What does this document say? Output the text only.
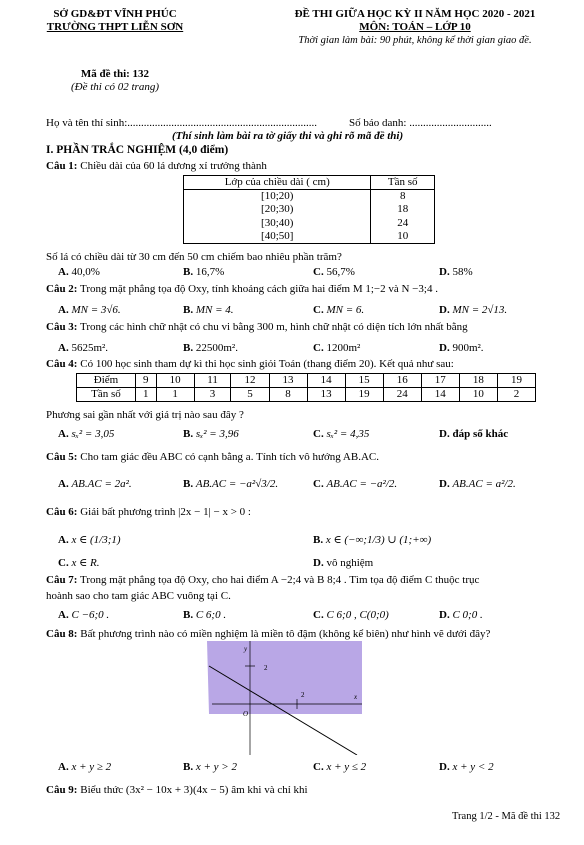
SỞ GD&ĐT VĨNH PHÚC
TRƯỜNG THPT LIỄN SƠN
ĐỀ THI GIỮA HỌC KỲ II NĂM HỌC 2020 - 2021
MÔN: TOÁN – LỚP 10
Thời gian làm bài: 90 phút, không kể thời gian giao đề.
Mã đề thi: 132
(Đề thi có 02 trang)
Họ và tên thí sinh:.....................................................................	Số báo danh: ..............................
(Thí sinh làm bài ra tờ giấy thi và ghi rõ mã đề thi)
I. PHẦN TRẮC NGHIỆM (4,0 điểm)
Câu 1: Chiều dài của 60 lá dương xỉ trưởng thành
Lớp của chiều dài ( cm)	Tần số
[10;20)	8
[20;30)	18
[30;40)	24
[40;50]	10
Số lá có chiều dài từ 30 cm đến 50 cm chiếm bao nhiêu phần trăm?
A. 40,0%	B. 16,7%	C. 56,7%	D. 58%
Câu 2: Trong mặt phẳng tọa độ Oxy, tính khoảng cách giữa hai điểm M 1;−2 và N −3;4 .
A. MN = 3√6.	B. MN = 4.	C. MN = 6.	D. MN = 2√13.
Câu 3: Trong các hình chữ nhật có chu vi bằng 300 m, hình chữ nhật có diện tích lớn nhất bằng
A. 5625m².	B. 22500m².	C. 1200m²	D. 900m².
Câu 4: Có 100 học sinh tham dự kì thi học sinh giỏi Toán (thang điểm 20). Kết quả như sau:
Điểm	9	10	11	12	13	14	15	16	17	18	19
Tần số	1	1	3	5	8	13	19	24	14	10	2
Phương sai gần nhất với giá trị nào sau đây ?
A. sₓ² = 3,05	B. sₓ² = 3,96	C. sₓ² = 4,35	D. đáp số khác
Câu 5: Cho tam giác đều ABC có cạnh bằng a. Tính tích vô hướng AB.AC.
A. AB.AC = 2a².	B. AB.AC = −a²√3/2.	C. AB.AC = −a²/2.	D. AB.AC = a²/2.
Câu 6: Giải bất phương trình |2x − 1| − x > 0 :
A. x ∈ (1/3;1)	B. x ∈ (−∞;1/3) ∪ (1;+∞)
C. x ∈ R.	D. vô nghiệm
Câu 7: Trong mặt phẳng tọa độ Oxy, cho hai điểm A −2;4 và B 8;4 . Tìm tọa độ điểm C thuộc trục
hoành sao cho tam giác ABC vuông tại C.
A. C −6;0 .	B. C 6;0 .	C. C 6;0 , C(0;0)	D. C 0;0 .
Câu 8: Bất phương trình nào có miền nghiệm là miền tô đậm (không kể biên) như hình vẽ dưới đây?
y
x
O
2
2
A. x + y ≥ 2	B. x + y > 2	C. x + y ≤ 2	D. x + y < 2
Câu 9: Biểu thức (3x² − 10x + 3)(4x − 5) âm khi và chỉ khi
Trang 1/2 - Mã đề thi 132
